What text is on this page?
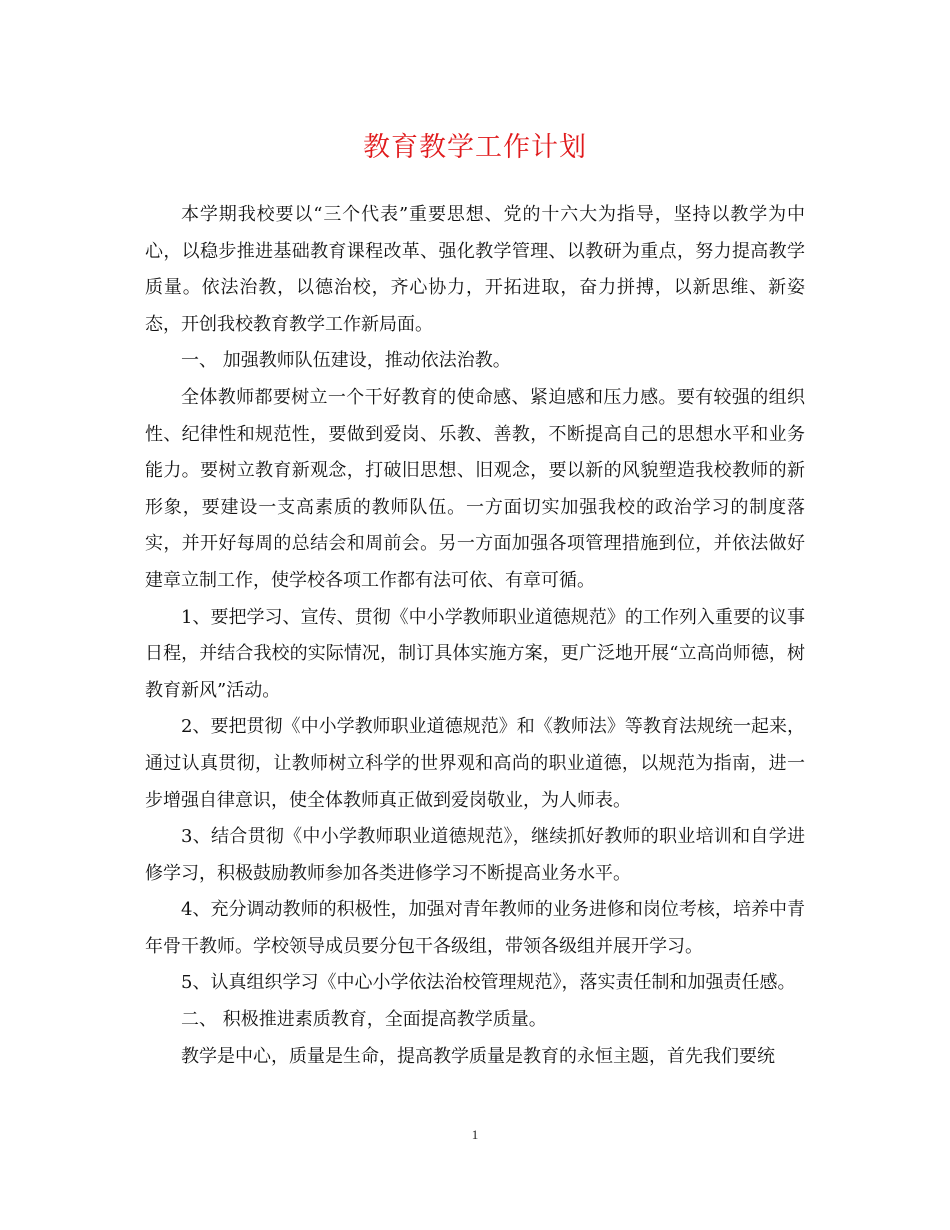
教育教学工作计划

本学期我校要以“三个代表”重要思想、党的十六大为指导，坚持以教学为中心，以稳步推进基础教育课程改革、强化教学管理、以教研为重点，努力提高教学质量。依法治教，以德治校，齐心协力，开拓进取，奋力拼搏，以新思维、新姿态，开创我校教育教学工作新局面。

一、 加强教师队伍建设，推动依法治教。

全体教师都要树立一个干好教育的使命感、紧迫感和压力感。要有较强的组织性、纪律性和规范性，要做到爱岗、乐教、善教，不断提高自己的思想水平和业务能力。要树立教育新观念，打破旧思想、旧观念，要以新的风貌塑造我校教师的新形象，要建设一支高素质的教师队伍。一方面切实加强我校的政治学习的制度落实，并开好每周的总结会和周前会。另一方面加强各项管理措施到位，并依法做好建章立制工作，使学校各项工作都有法可依、有章可循。

1、要把学习、宣传、贯彻《中小学教师职业道德规范》的工作列入重要的议事日程，并结合我校的实际情况，制订具体实施方案，更广泛地开展“立高尚师德，树教育新风”活动。

2、要把贯彻《中小学教师职业道德规范》和《教师法》等教育法规统一起来，通过认真贯彻，让教师树立科学的世界观和高尚的职业道德，以规范为指南，进一步增强自律意识，使全体教师真正做到爱岗敬业，为人师表。

3、结合贯彻《中小学教师职业道德规范》，继续抓好教师的职业培训和自学进修学习，积极鼓励教师参加各类进修学习不断提高业务水平。

4、充分调动教师的积极性，加强对青年教师的业务进修和岗位考核，培养中青年骨干教师。学校领导成员要分包干各级组，带领各级组并展开学习。

5、认真组织学习《中心小学依法治校管理规范》，落实责任制和加强责任感。

二、 积极推进素质教育，全面提高教学质量。

教学是中心，质量是生命，提高教学质量是教育的永恒主题，首先我们要统

1
